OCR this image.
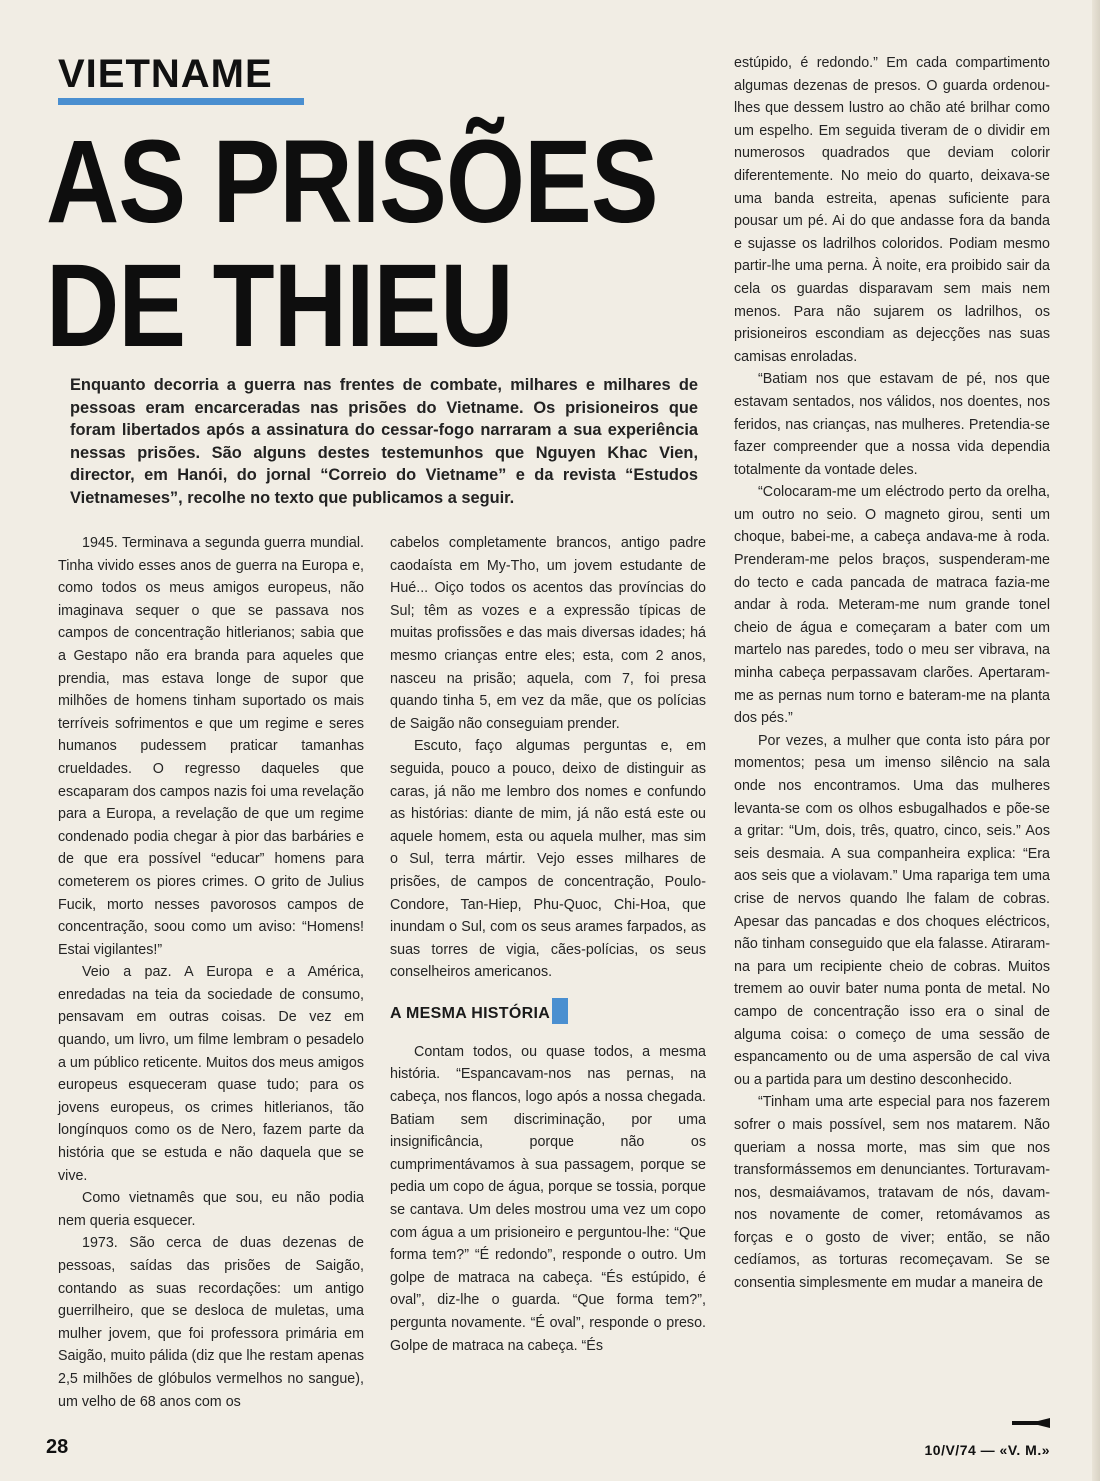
VIETNAME
AS PRISÕES
DE THIEU
Enquanto decorria a guerra nas frentes de combate, milhares e milhares de pessoas eram encarceradas nas prisões do Vietname. Os prisioneiros que foram libertados após a assinatura do cessar-fogo narraram a sua experiência nessas prisões. São alguns destes testemunhos que Nguyen Khac Vien, director, em Hanói, do jornal “Correio do Vietname” e da revista “Estudos Vietnameses”, recolhe no texto que publicamos a seguir.

1945. Terminava a segunda guerra mundial. Tinha vivido esses anos de guerra na Europa e, como todos os meus amigos europeus, não imaginava sequer o que se passava nos campos de concentração hitlerianos; sabia que a Gestapo não era branda para aqueles que prendia, mas estava longe de supor que milhões de homens tinham suportado os mais terríveis sofrimentos e que um regime e seres humanos pudessem praticar tamanhas crueldades. O regresso daqueles que escaparam dos campos nazis foi uma revelação para a Europa, a revelação de que um regime condenado podia chegar à pior das barbáries e de que era possível “educar” homens para cometerem os piores crimes. O grito de Julius Fucik, morto nesses pavorosos campos de concentração, soou como um aviso: “Homens! Estai vigilantes!”

Veio a paz. A Europa e a América, enredadas na teia da sociedade de consumo, pensavam em outras coisas. De vez em quando, um livro, um filme lembram o pesadelo a um público reticente. Muitos dos meus amigos europeus esqueceram quase tudo; para os jovens europeus, os crimes hitlerianos, tão longínquos como os de Nero, fazem parte da história que se estuda e não daquela que se vive.

Como vietnamês que sou, eu não podia nem queria esquecer.

1973. São cerca de duas dezenas de pessoas, saídas das prisões de Saigão, contando as suas recordações: um antigo guerrilheiro, que se desloca de muletas, uma mulher jovem, que foi professora primária em Saigão, muito pálida (diz que lhe restam apenas 2,5 milhões de glóbulos vermelhos no sangue), um velho de 68 anos com os

cabelos completamente brancos, antigo padre caodaísta em My-Tho, um jovem estudante de Hué... Oiço todos os acentos das províncias do Sul; têm as vozes e a expressão típicas de muitas profissões e das mais diversas idades; há mesmo crianças entre eles; esta, com 2 anos, nasceu na prisão; aquela, com 7, foi presa quando tinha 5, em vez da mãe, que os polícias de Saigão não conseguiam prender.

Escuto, faço algumas perguntas e, em seguida, pouco a pouco, deixo de distinguir as caras, já não me lembro dos nomes e confundo as histórias: diante de mim, já não está este ou aquele homem, esta ou aquela mulher, mas sim o Sul, terra mártir. Vejo esses milhares de prisões, de campos de concentração, Poulo-Condore, Tan-Hiep, Phu-Quoc, Chi-Hoa, que inundam o Sul, com os seus arames farpados, as suas torres de vigia, cães-polícias, os seus conselheiros americanos.

A MESMA HISTÓRIA

Contam todos, ou quase todos, a mesma história. “Espancavam-nos nas pernas, na cabeça, nos flancos, logo após a nossa chegada. Batiam sem discriminação, por uma insignificância, porque não os cumprimentávamos à sua passagem, porque se pedia um copo de água, porque se tossia, porque se cantava. Um deles mostrou uma vez um copo com água a um prisioneiro e perguntou-lhe: “Que forma tem?” “É redondo”, responde o outro. Um golpe de matraca na cabeça. “És estúpido, é oval”, diz-lhe o guarda. “Que forma tem?”, pergunta novamente. “É oval”, responde o preso. Golpe de matraca na cabeça. “És

estúpido, é redondo.” Em cada compartimento algumas dezenas de presos. O guarda ordenou-lhes que dessem lustro ao chão até brilhar como um espelho. Em seguida tiveram de o dividir em numerosos quadrados que deviam colorir diferentemente. No meio do quarto, deixava-se uma banda estreita, apenas suficiente para pousar um pé. Ai do que andasse fora da banda e sujasse os ladrilhos coloridos. Podiam mesmo partir-lhe uma perna. À noite, era proibido sair da cela os guardas disparavam sem mais nem menos. Para não sujarem os ladrilhos, os prisioneiros escondiam as dejecções nas suas camisas enroladas.

“Batiam nos que estavam de pé, nos que estavam sentados, nos válidos, nos doentes, nos feridos, nas crianças, nas mulheres. Pretendia-se fazer compreender que a nossa vida dependia totalmente da vontade deles.

“Colocaram-me um eléctrodo perto da orelha, um outro no seio. O magneto girou, senti um choque, babei-me, a cabeça andava-me à roda. Prenderam-me pelos braços, suspenderam-me do tecto e cada pancada de matraca fazia-me andar à roda. Meteram-me num grande tonel cheio de água e começaram a bater com um martelo nas paredes, todo o meu ser vibrava, na minha cabeça perpassavam clarões. Apertaram-me as pernas num torno e bateram-me na planta dos pés.”

Por vezes, a mulher que conta isto pára por momentos; pesa um imenso silêncio na sala onde nos encontramos. Uma das mulheres levanta-se com os olhos esbugalhados e põe-se a gritar: “Um, dois, três, quatro, cinco, seis.” Aos seis desmaia. A sua companheira explica: “Era aos seis que a violavam.” Uma rapariga tem uma crise de nervos quando lhe falam de cobras. Apesar das pancadas e dos choques eléctricos, não tinham conseguido que ela falasse. Atiraram-na para um recipiente cheio de cobras. Muitos tremem ao ouvir bater numa ponta de metal. No campo de concentração isso era o sinal de alguma coisa: o começo de uma sessão de espancamento ou de uma aspersão de cal viva ou a partida para um destino desconhecido.

“Tinham uma arte especial para nos fazerem sofrer o mais possível, sem nos matarem. Não queriam a nossa morte, mas sim que nos transformássemos em denunciantes. Torturavam-nos, desmaiávamos, tratavam de nós, davam-nos novamente de comer, retomávamos as forças e o gosto de viver; então, se não cedíamos, as torturas recomeçavam. Se se consentia simplesmente em mudar a maneira de

28	10/V/74 — «V. M.»
